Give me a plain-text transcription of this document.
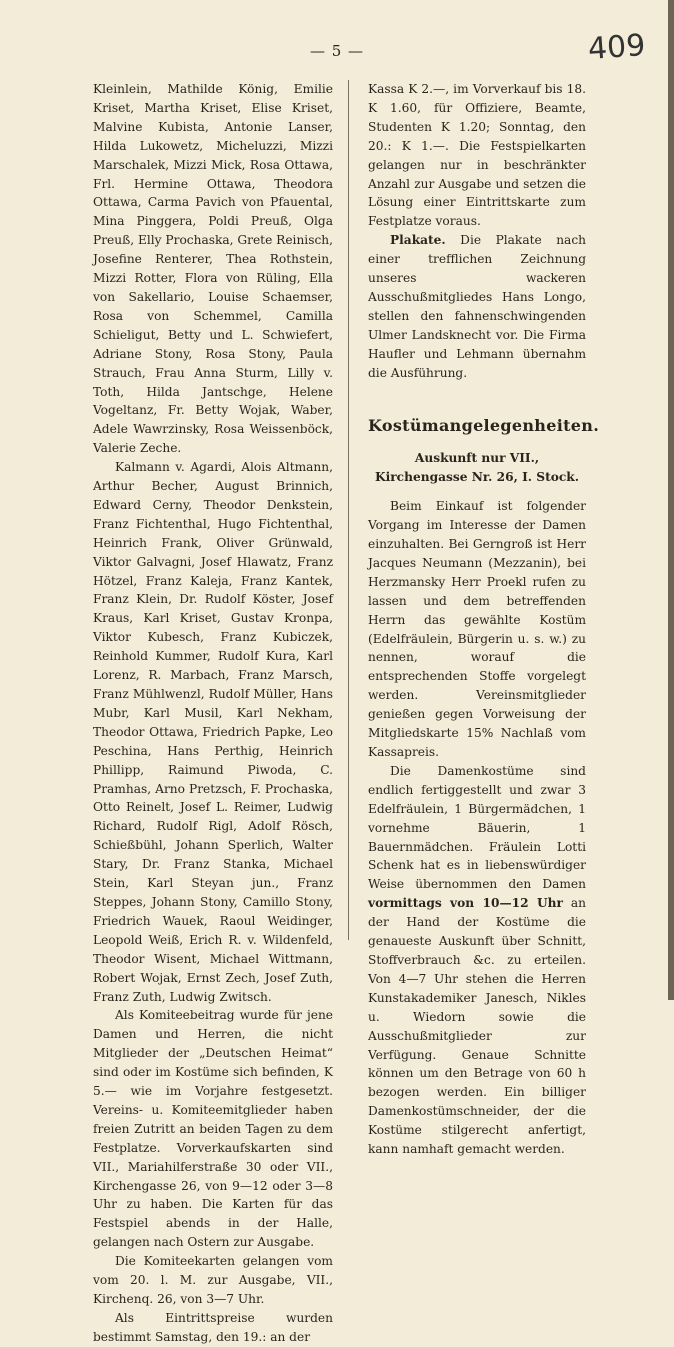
— 5 —	409

Kleinlein, Mathilde König, Emilie Kriset, Martha Kriset, Elise Kriset, Malvine Kubista, Antonie Lanser, Hilda Lukowetz, Micheluzzi, Mizzi Marschalek, Mizzi Mick, Rosa Ottawa, Frl. Hermine Ottawa, Theodora Ottawa, Carma Pavich von Pfauental, Mina Pinggera, Poldi Preuß, Olga Preuß, Elly Prochaska, Grete Reinisch, Josefine Renterer, Thea Rothstein, Mizzi Rotter, Flora von Rüling, Ella von Sakellario, Louise Schaemser, Rosa von Schemmel, Camilla Schieligut, Betty und L. Schwiefert, Adriane Stony, Rosa Stony, Paula Strauch, Frau Anna Sturm, Lilly v. Toth, Hilda Jantschge, Helene Vogeltanz, Fr. Betty Wojak, Waber, Adele Wawrzinsky, Rosa Weissenböck, Valerie Zeche.

Kalmann v. Agardi, Alois Altmann, Arthur Becher, August Brinnich, Edward Cerny, Theodor Denkstein, Franz Fichtenthal, Hugo Fichtenthal, Heinrich Frank, Oliver Grünwald, Viktor Galvagni, Josef Hlawatz, Franz Hötzel, Franz Kaleja, Franz Kantek, Franz Klein, Dr. Rudolf Köster, Josef Kraus, Karl Kriset, Gustav Kronpa, Viktor Kubesch, Franz Kubiczek, Reinhold Kummer, Rudolf Kura, Karl Lorenz, R. Marbach, Franz Marsch, Franz Mühlwenzl, Rudolf Müller, Hans Mubr, Karl Musil, Karl Nekham, Theodor Ottawa, Friedrich Papke, Leo Peschina, Hans Perthig, Heinrich Phillipp, Raimund Piwoda, C. Pramhas, Arno Pretzsch, F. Prochaska, Otto Reinelt, Josef L. Reimer, Ludwig Richard, Rudolf Rigl, Adolf Rösch, Schießbühl, Johann Sperlich, Walter Stary, Dr. Franz Stanka, Michael Stein, Karl Steyan jun., Franz Steppes, Johann Stony, Camillo Stony, Friedrich Wauek, Raoul Weidinger, Leopold Weiß, Erich R. v. Wildenfeld, Theodor Wisent, Michael Wittmann, Robert Wojak, Ernst Zech, Josef Zuth, Franz Zuth, Ludwig Zwitsch.

Als Komiteebeitrag wurde für jene Damen und Herren, die nicht Mitglieder der „Deutschen Heimat“ sind oder im Kostüme sich befinden, K 5.— wie im Vorjahre festgesetzt. Vereins- u. Komiteemitglieder haben freien Zutritt an beiden Tagen zu dem Festplatze. Vorverkaufskarten sind VII., Mariahilferstraße 30 oder VII., Kirchengasse 26, von 9—12 oder 3—8 Uhr zu haben. Die Karten für das Festspiel abends in der Halle, gelangen nach Ostern zur Ausgabe.

Die Komiteekarten gelangen vom vom 20. l. M. zur Ausgabe, VII., Kirchenq. 26, von 3—7 Uhr.

Als Eintrittspreise wurden bestimmt Samstag, den 19.: an der

Kassa K 2.—, im Vorverkauf bis 18. K 1.60, für Offiziere, Beamte, Studenten K 1.20; Sonntag, den 20.: K 1.—. Die Festspielkarten gelangen nur in beschränkter Anzahl zur Ausgabe und setzen die Lösung einer Eintrittskarte zum Festplatze voraus.

Plakate. Die Plakate nach einer trefflichen Zeichnung unseres wackeren Ausschußmitgliedes Hans Longo, stellen den fahnenschwingenden Ulmer Landsknecht vor. Die Firma Haufler und Lehmann übernahm die Ausführung.

Kostümangelegenheiten.
Auskunft nur VII., Kirchengasse Nr. 26, I. Stock.

Beim Einkauf ist folgender Vorgang im Interesse der Damen einzuhalten. Bei Gerngroß ist Herr Jacques Neumann (Mezzanin), bei Herzmansky Herr Proekl rufen zu lassen und dem betreffenden Herrn das gewählte Kostüm (Edelfräulein, Bürgerin u. s. w.) zu nennen, worauf die entsprechenden Stoffe vorgelegt werden. Vereinsmitglieder genießen gegen Vorweisung der Mitgliedskarte 15% Nachlaß vom Kassapreis.

Die Damenkostüme sind endlich fertiggestellt und zwar 3 Edelfräulein, 1 Bürgermädchen, 1 vornehme Bäuerin, 1 Bauernmädchen. Fräulein Lotti Schenk hat es in liebenswürdiger Weise übernommen den Damen vormittags von 10—12 Uhr an der Hand der Kostüme die genaueste Auskunft über Schnitt, Stoffverbrauch &c. zu erteilen. Von 4—7 Uhr stehen die Herren Kunstakademiker Janesch, Nikles u. Wiedorn sowie die Ausschußmitglieder zur Verfügung. Genaue Schnitte können um den Betrage von 60 h bezogen werden. Ein billiger Damenkostümschneider, der die Kostüme stilgerecht anfertigt, kann namhaft gemacht werden.
